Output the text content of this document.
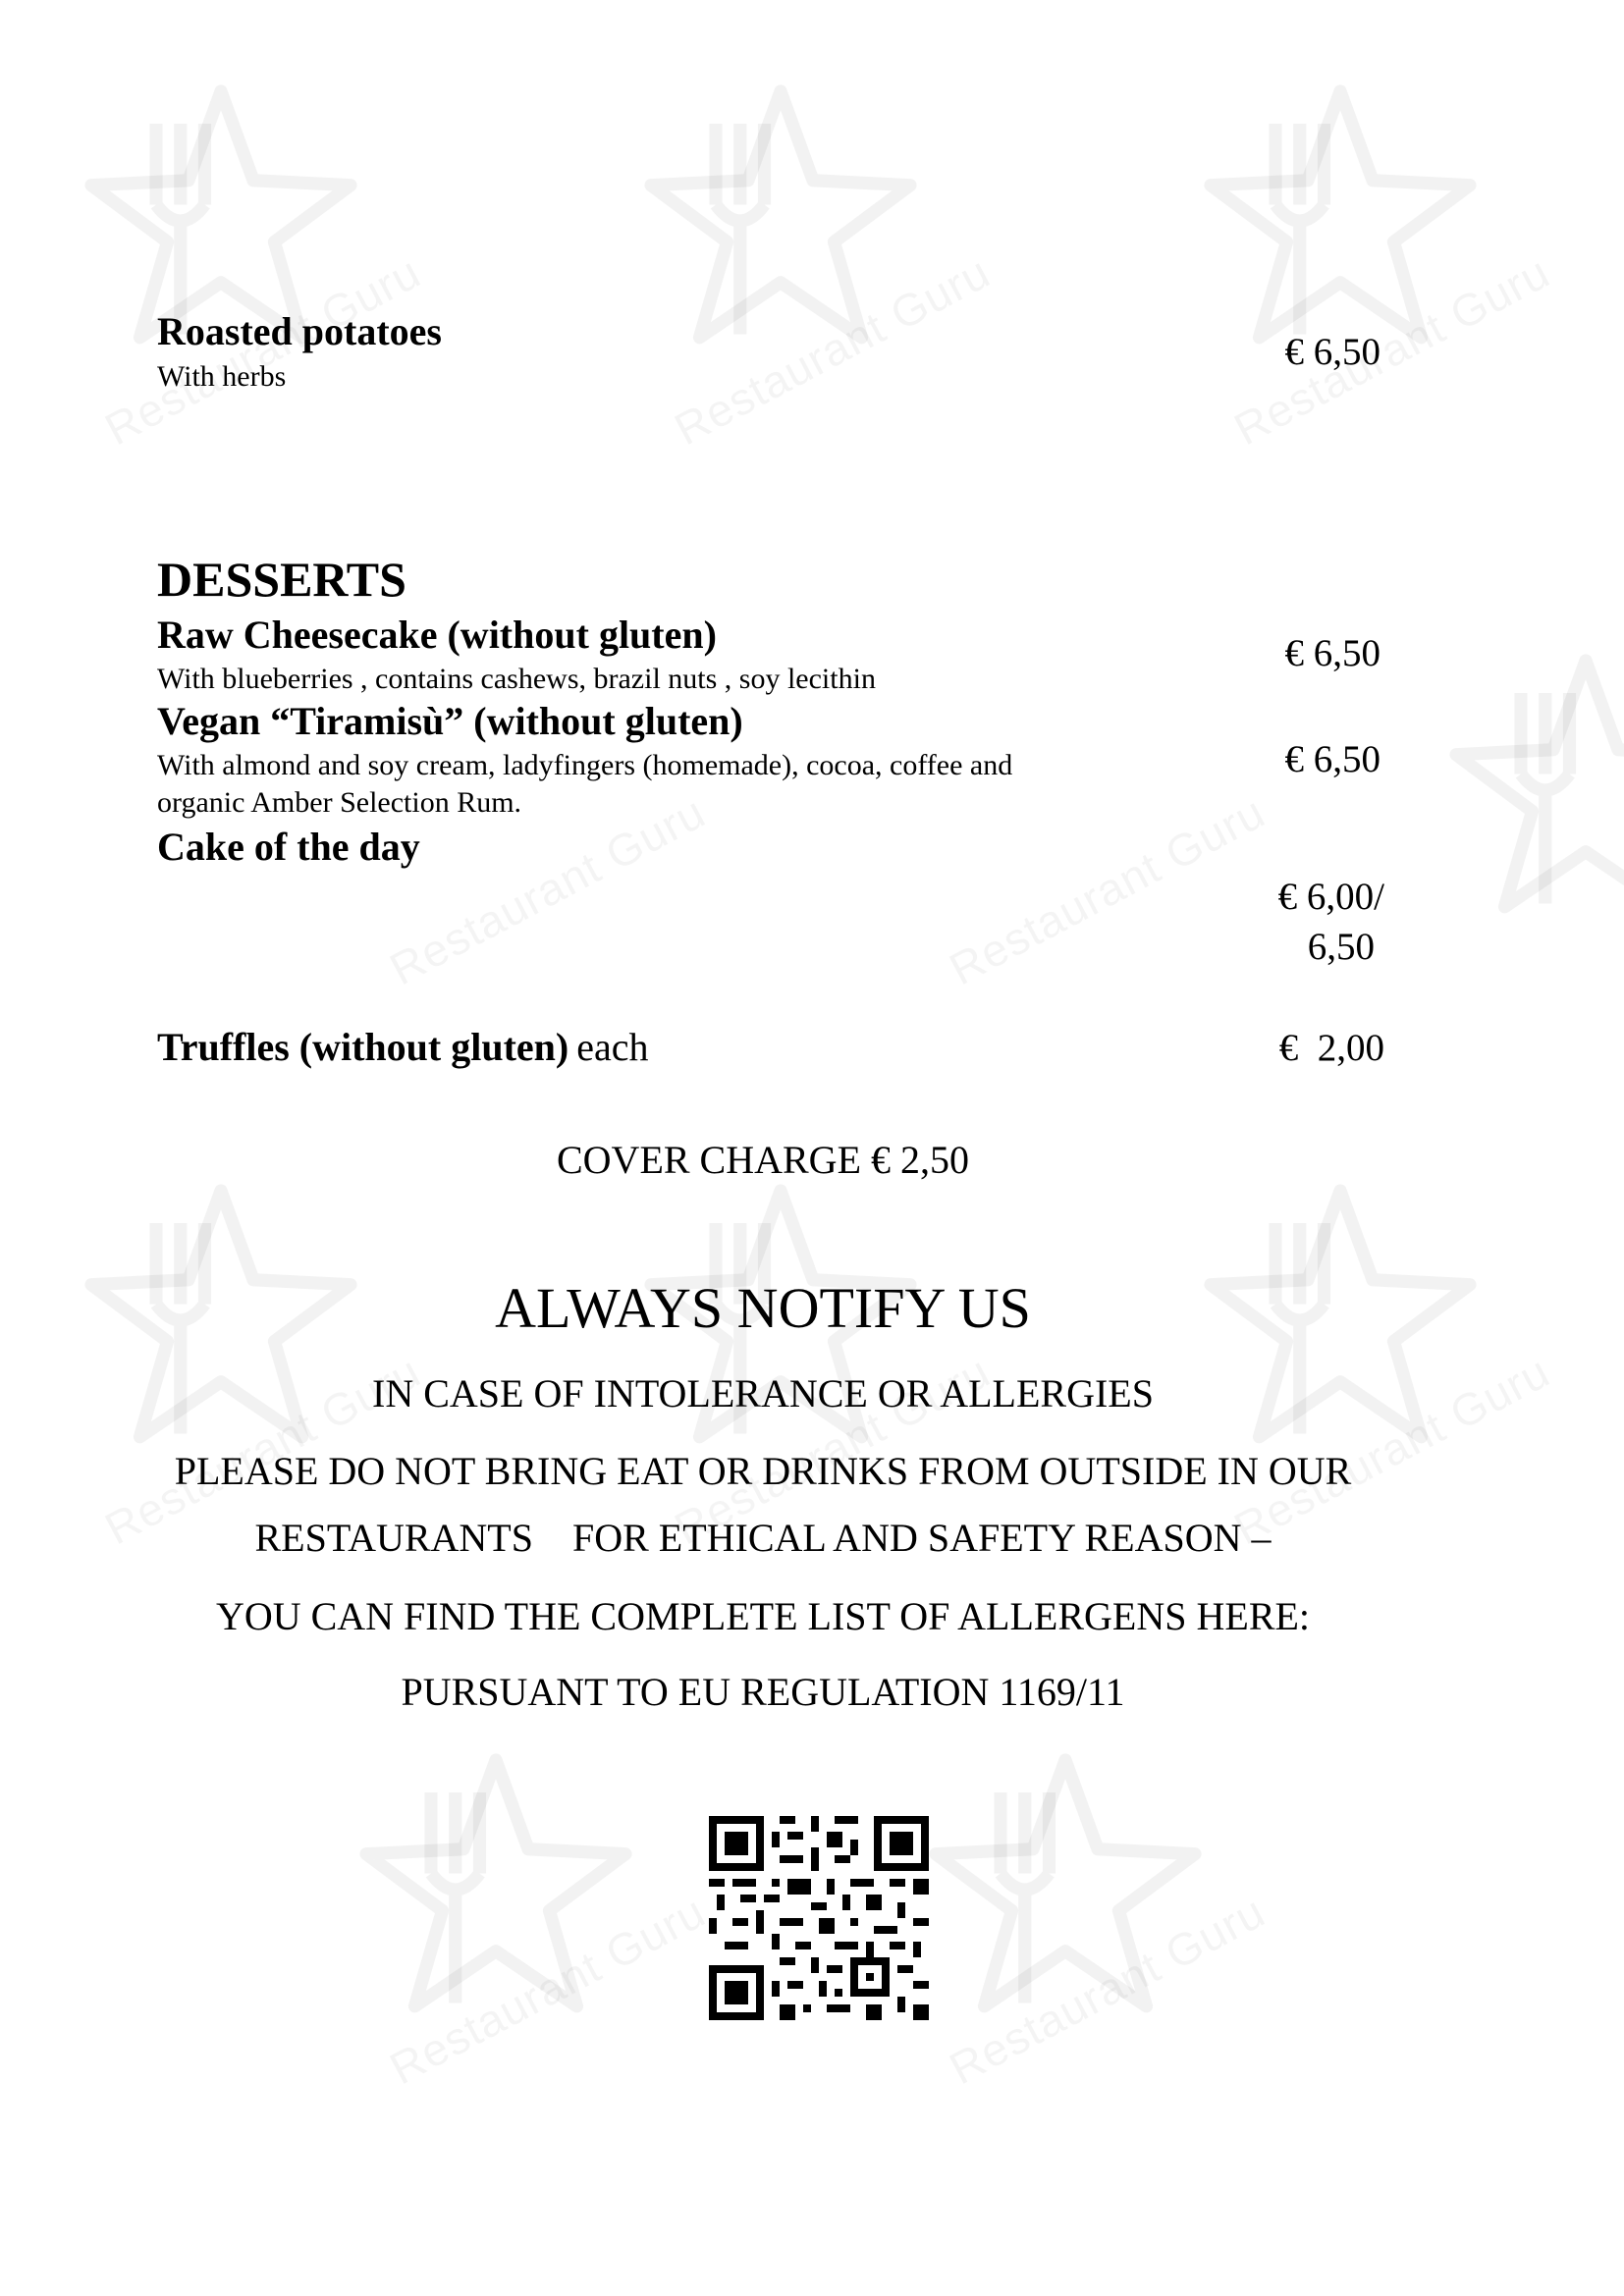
Roasted potatoes
With herbs
€ 6,50
DESSERTS
Raw Cheesecake (without gluten)
With blueberries , contains cashews, brazil nuts , soy lecithin
€ 6,50
Vegan “Tiramisù” (without gluten)
With almond and soy cream, ladyfingers (homemade), cocoa, coffee and
organic Amber Selection Rum.
€ 6,50
Cake of the day
€ 6,00/
6,50
Truffles (without gluten) each	€  2,00
COVER CHARGE € 2,50
ALWAYS NOTIFY US
IN CASE OF INTOLERANCE OR ALLERGIES
PLEASE DO NOT BRING EAT OR DRINKS FROM OUTSIDE IN OUR
RESTAURANTS    FOR ETHICAL AND SAFETY REASON –
YOU CAN FIND THE COMPLETE LIST OF ALLERGENS HERE:
PURSUANT TO EU REGULATION 1169/11
